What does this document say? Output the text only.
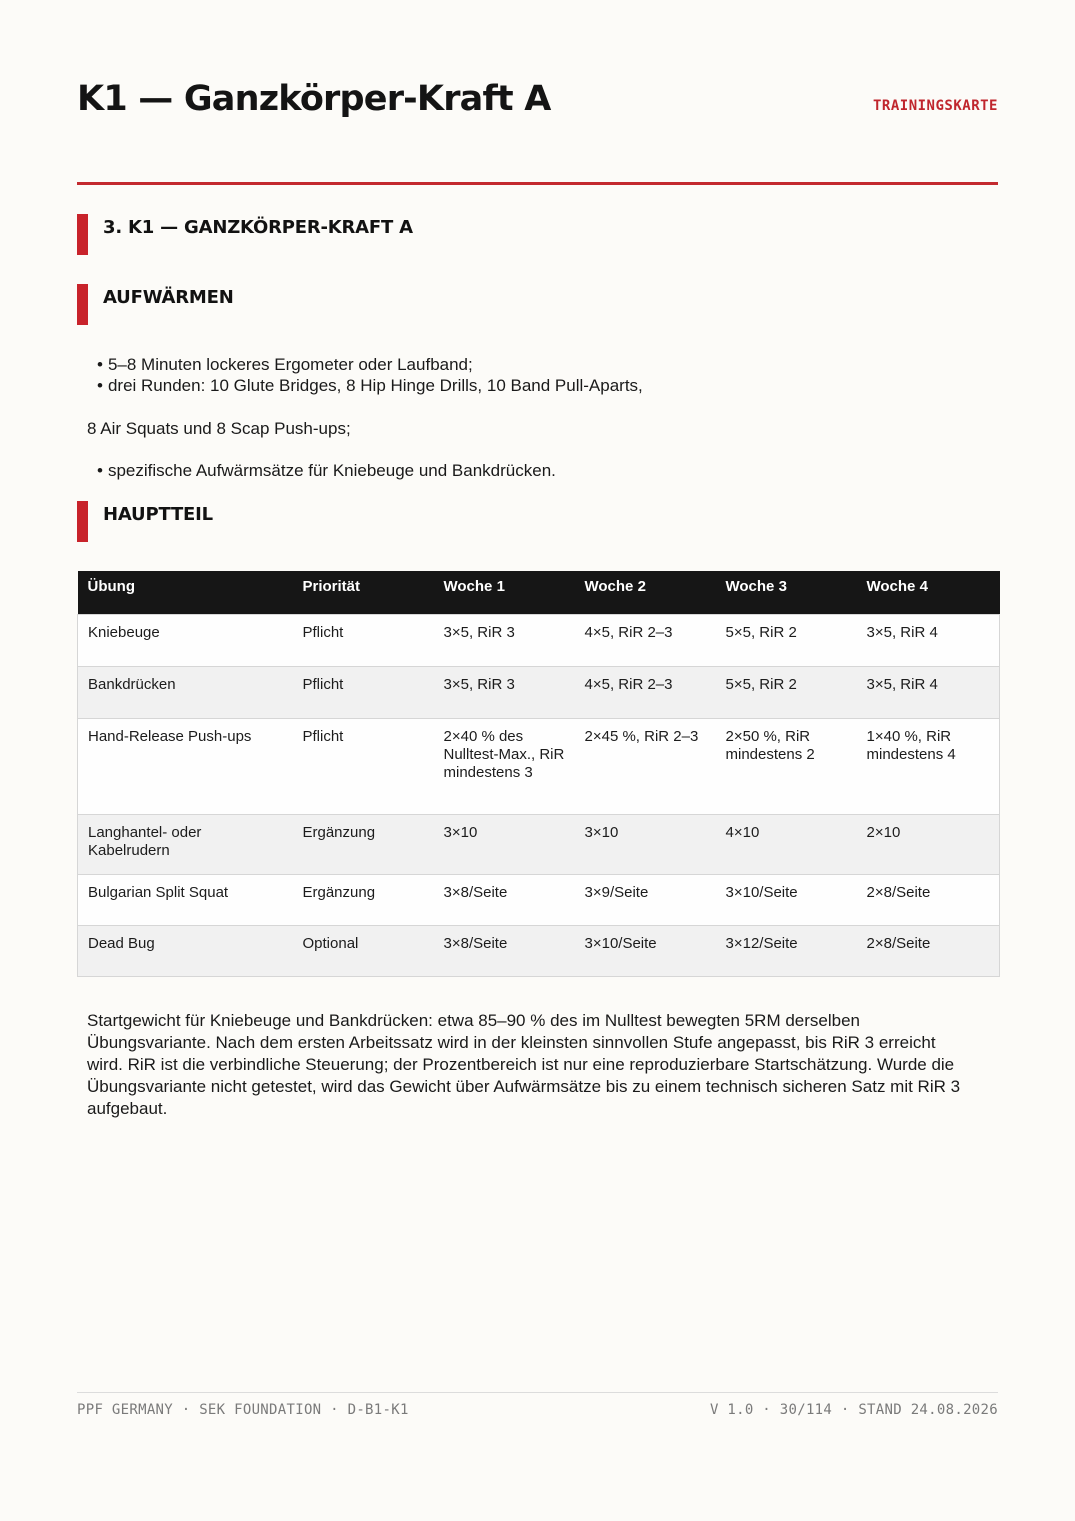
K1 — Ganzkörper-Kraft A	TRAININGSKARTE
3. K1 — GANZKÖRPER-KRAFT A
AUFWÄRMEN
• 5–8 Minuten lockeres Ergometer oder Laufband;
• drei Runden: 10 Glute Bridges, 8 Hip Hinge Drills, 10 Band Pull-Aparts,

8 Air Squats und 8 Scap Push-ups;

• spezifische Aufwärmsätze für Kniebeuge und Bankdrücken.
HAUPTTEIL
Übung	Priorität	Woche 1	Woche 2	Woche 3	Woche 4
Kniebeuge	Pflicht	3×5, RiR 3	4×5, RiR 2–3	5×5, RiR 2	3×5, RiR 4
Bankdrücken	Pflicht	3×5, RiR 3	4×5, RiR 2–3	5×5, RiR 2	3×5, RiR 4
Hand-Release Push-ups	Pflicht	2×40 % des Nulltest-Max., RiR mindestens 3	2×45 %, RiR 2–3	2×50 %, RiR mindestens 2	1×40 %, RiR mindestens 4
Langhantel- oder Kabelrudern	Ergänzung	3×10	3×10	4×10	2×10
Bulgarian Split Squat	Ergänzung	3×8/Seite	3×9/Seite	3×10/Seite	2×8/Seite
Dead Bug	Optional	3×8/Seite	3×10/Seite	3×12/Seite	2×8/Seite

Startgewicht für Kniebeuge und Bankdrücken: etwa 85–90 % des im Nulltest bewegten 5RM derselben Übungsvariante. Nach dem ersten Arbeitssatz wird in der kleinsten sinnvollen Stufe angepasst, bis RiR 3 erreicht wird. RiR ist die verbindliche Steuerung; der Prozentbereich ist nur eine reproduzierbare Startschätzung. Wurde die Übungsvariante nicht getestet, wird das Gewicht über Aufwärmsätze bis zu einem technisch sicheren Satz mit RiR 3 aufgebaut.

PPF GERMANY · SEK FOUNDATION · D-B1-K1	V 1.0 · 30/114 · STAND 24.08.2026
